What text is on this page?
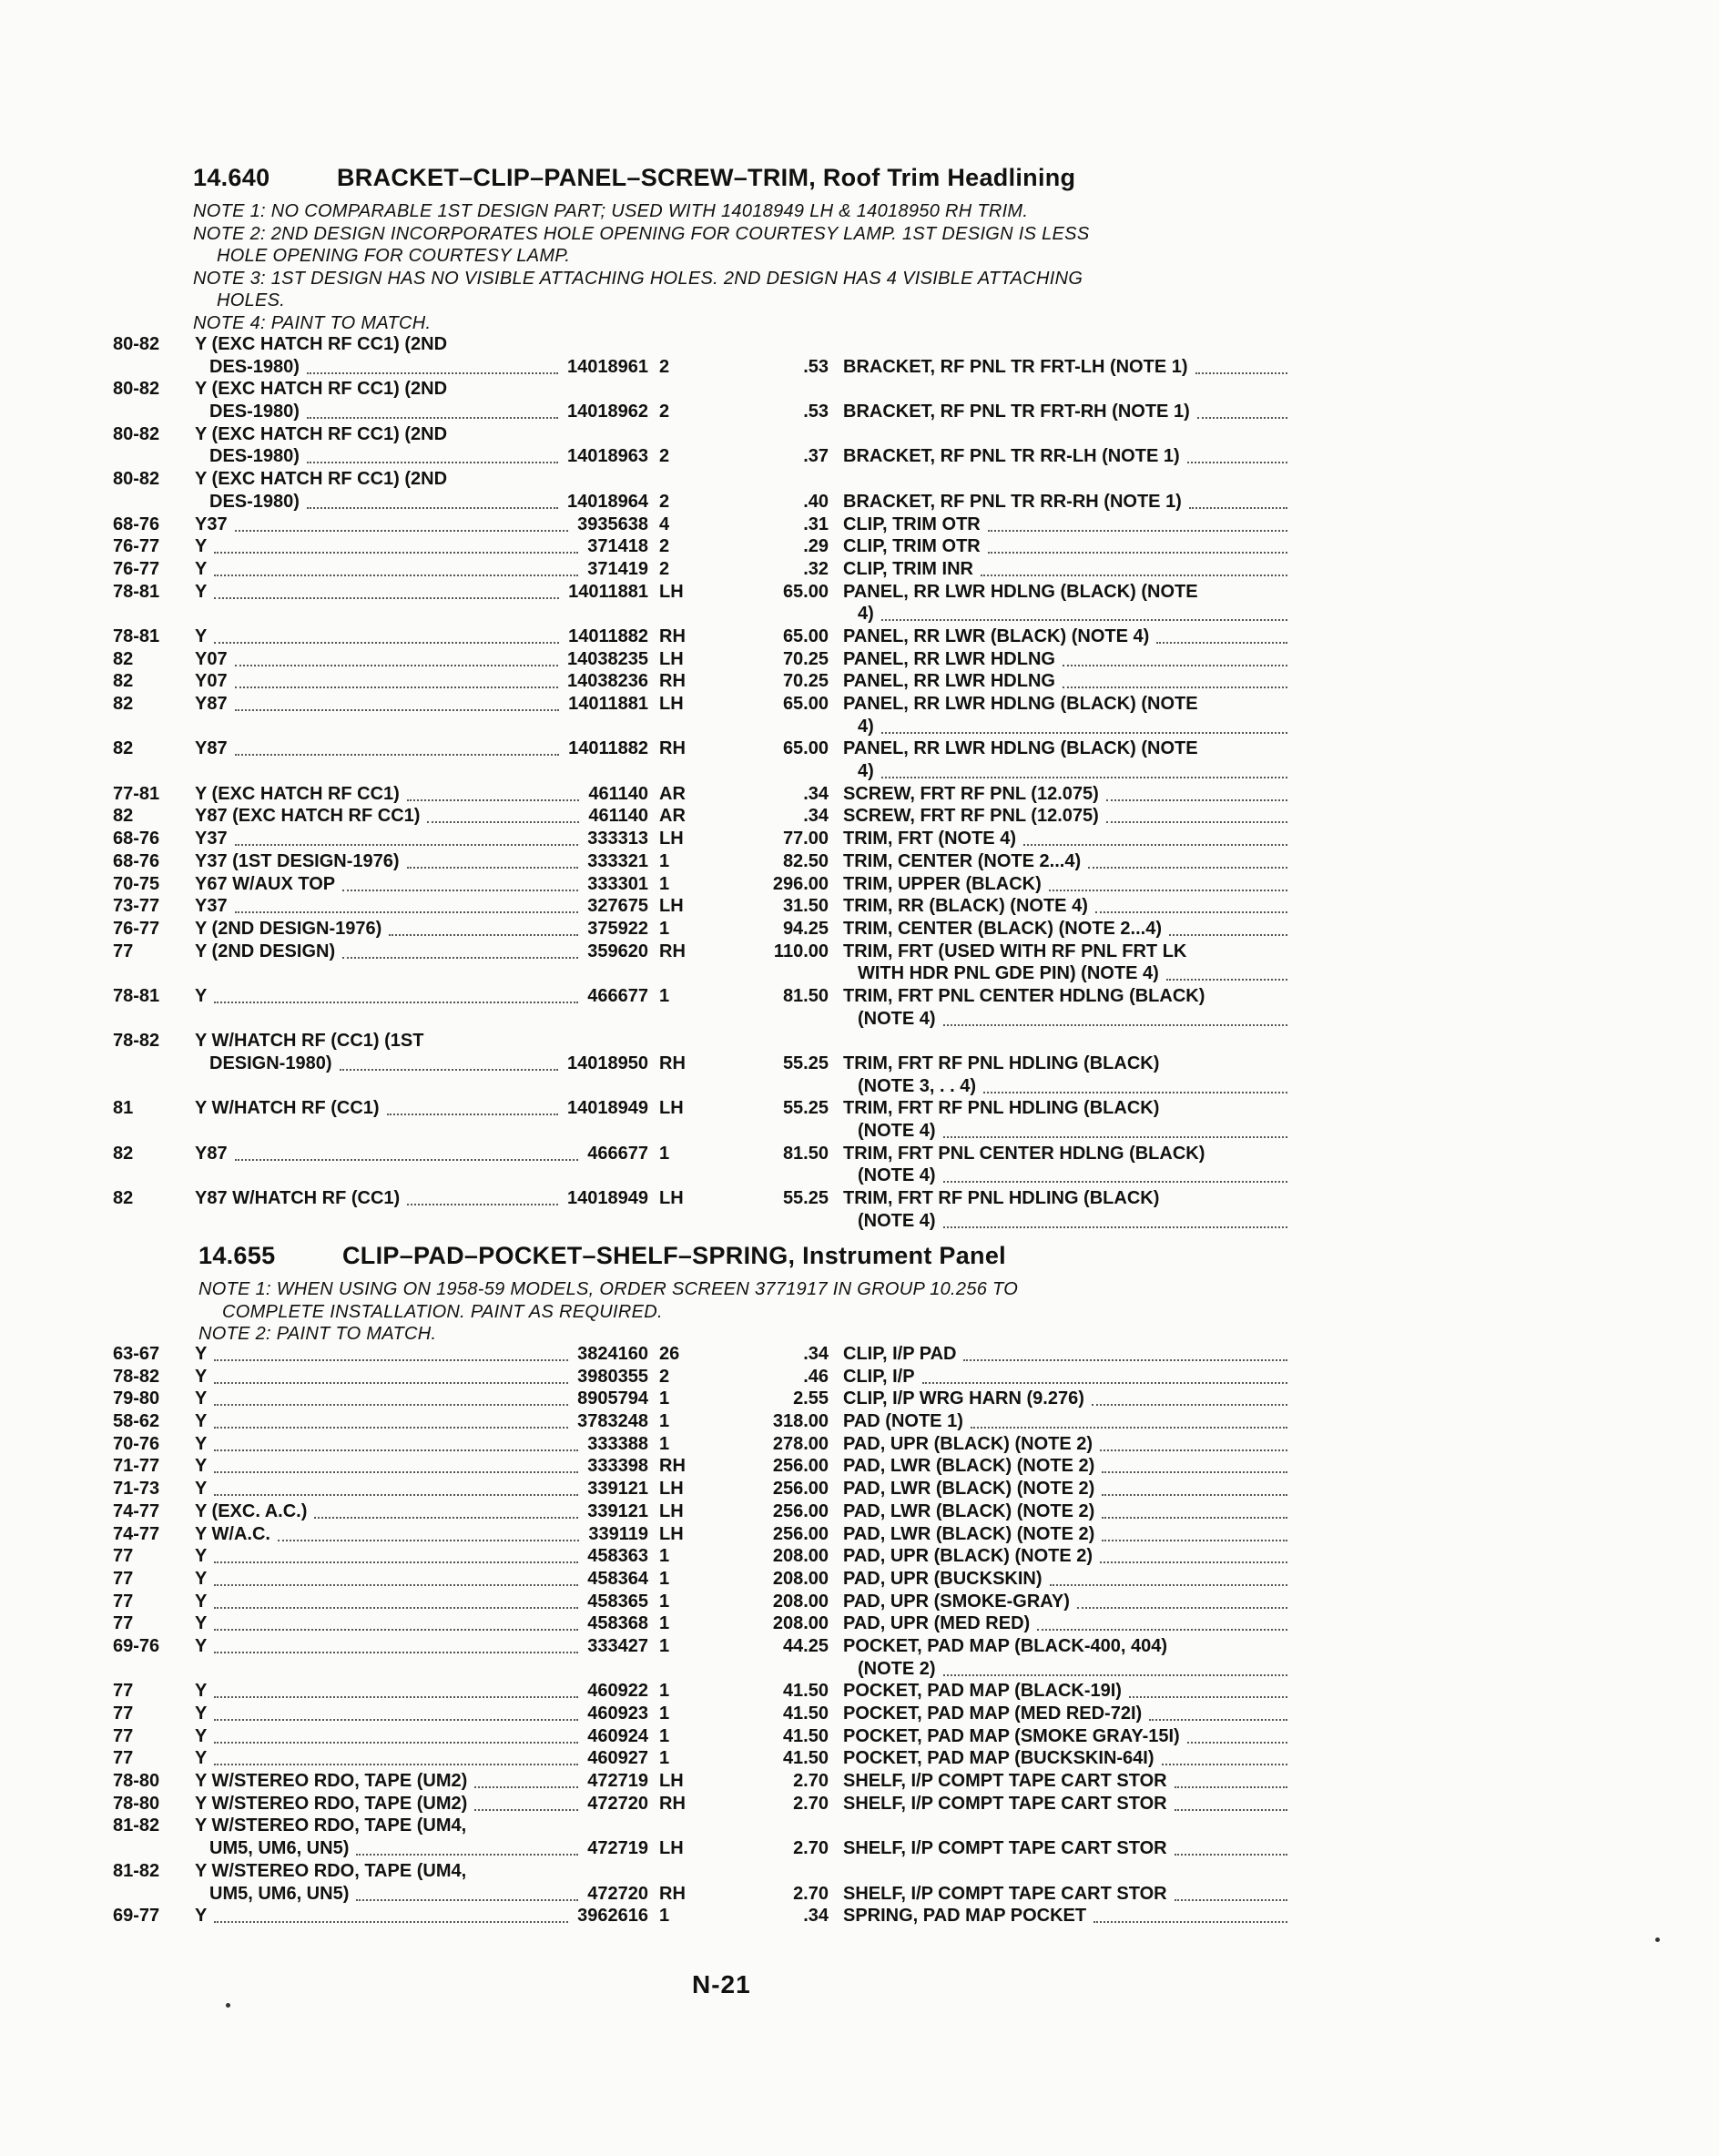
14.640	BRACKET–CLIP–PANEL–SCREW–TRIM, Roof Trim Headlining
NOTE 1: NO COMPARABLE 1ST DESIGN PART; USED WITH 14018949 LH & 14018950 RH TRIM.
NOTE 2: 2ND DESIGN INCORPORATES HOLE OPENING FOR COURTESY LAMP. 1ST DESIGN IS LESS
HOLE OPENING FOR COURTESY LAMP.
NOTE 3: 1ST DESIGN HAS NO VISIBLE ATTACHING HOLES. 2ND DESIGN HAS 4 VISIBLE ATTACHING
HOLES.
NOTE 4: PAINT TO MATCH.
80-82	Y (EXC HATCH RF CC1) (2ND
DES-1980)	14018961 2	.53 BRACKET, RF PNL TR FRT-LH (NOTE 1)
80-82	Y (EXC HATCH RF CC1) (2ND
DES-1980)	14018962 2	.53 BRACKET, RF PNL TR FRT-RH (NOTE 1)
80-82	Y (EXC HATCH RF CC1) (2ND
DES-1980)	14018963 2	.37 BRACKET, RF PNL TR RR-LH (NOTE 1)
80-82	Y (EXC HATCH RF CC1) (2ND
DES-1980)	14018964 2	.40 BRACKET, RF PNL TR RR-RH (NOTE 1)
68-76	Y37	3935638 4	.31 CLIP, TRIM OTR
76-77	Y	371418 2	.29 CLIP, TRIM OTR
76-77	Y	371419 2	.32 CLIP, TRIM INR
78-81	Y	14011881 LH	65.00 PANEL, RR LWR HDLNG (BLACK) (NOTE
4)
78-81	Y	14011882 RH	65.00 PANEL, RR LWR (BLACK) (NOTE 4)
82	Y07	14038235 LH	70.25 PANEL, RR LWR HDLNG
82	Y07	14038236 RH	70.25 PANEL, RR LWR HDLNG
82	Y87	14011881 LH	65.00 PANEL, RR LWR HDLNG (BLACK) (NOTE
4)
82	Y87	14011882 RH	65.00 PANEL, RR LWR HDLNG (BLACK) (NOTE
4)
77-81	Y (EXC HATCH RF CC1)	461140 AR	.34 SCREW, FRT RF PNL (12.075)
82	Y87 (EXC HATCH RF CC1)	461140 AR	.34 SCREW, FRT RF PNL (12.075)
68-76	Y37	333313 LH	77.00 TRIM, FRT (NOTE 4)
68-76	Y37 (1ST DESIGN-1976)	333321 1	82.50 TRIM, CENTER (NOTE 2...4)
70-75	Y67 W/AUX TOP	333301 1	296.00 TRIM, UPPER (BLACK)
73-77	Y37	327675 LH	31.50 TRIM, RR (BLACK) (NOTE 4)
76-77	Y (2ND DESIGN-1976)	375922 1	94.25 TRIM, CENTER (BLACK) (NOTE 2...4)
77	Y (2ND DESIGN)	359620 RH	110.00 TRIM, FRT (USED WITH RF PNL FRT LK
WITH HDR PNL GDE PIN) (NOTE 4)
78-81	Y	466677 1	81.50 TRIM, FRT PNL CENTER HDLNG (BLACK)
(NOTE 4)
78-82	Y W/HATCH RF (CC1) (1ST
DESIGN-1980)	14018950 RH	55.25 TRIM, FRT RF PNL HDLING (BLACK)
(NOTE 3, . . 4)
81	Y W/HATCH RF (CC1)	14018949 LH	55.25 TRIM, FRT RF PNL HDLING (BLACK)
(NOTE 4)
82	Y87	466677 1	81.50 TRIM, FRT PNL CENTER HDLNG (BLACK)
(NOTE 4)
82	Y87 W/HATCH RF (CC1)	14018949 LH	55.25 TRIM, FRT RF PNL HDLING (BLACK)
(NOTE 4)
14.655	CLIP–PAD–POCKET–SHELF–SPRING, Instrument Panel
NOTE 1: WHEN USING ON 1958-59 MODELS, ORDER SCREEN 3771917 IN GROUP 10.256 TO
COMPLETE INSTALLATION. PAINT AS REQUIRED.
NOTE 2: PAINT TO MATCH.
63-67	Y	3824160 26	.34 CLIP, I/P PAD
78-82	Y	3980355 2	.46 CLIP, I/P
79-80	Y	8905794 1	2.55 CLIP, I/P WRG HARN (9.276)
58-62	Y	3783248 1	318.00 PAD (NOTE 1)
70-76	Y	333388 1	278.00 PAD, UPR (BLACK) (NOTE 2)
71-77	Y	333398 RH	256.00 PAD, LWR (BLACK) (NOTE 2)
71-73	Y	339121 LH	256.00 PAD, LWR (BLACK) (NOTE 2)
74-77	Y (EXC. A.C.)	339121 LH	256.00 PAD, LWR (BLACK) (NOTE 2)
74-77	Y W/A.C.	339119 LH	256.00 PAD, LWR (BLACK) (NOTE 2)
77	Y	458363 1	208.00 PAD, UPR (BLACK) (NOTE 2)
77	Y	458364 1	208.00 PAD, UPR (BUCKSKIN)
77	Y	458365 1	208.00 PAD, UPR (SMOKE-GRAY)
77	Y	458368 1	208.00 PAD, UPR (MED RED)
69-76	Y	333427 1	44.25 POCKET, PAD MAP (BLACK-400, 404)
(NOTE 2)
77	Y	460922 1	41.50 POCKET, PAD MAP (BLACK-19I)
77	Y	460923 1	41.50 POCKET, PAD MAP (MED RED-72I)
77	Y	460924 1	41.50 POCKET, PAD MAP (SMOKE GRAY-15I)
77	Y	460927 1	41.50 POCKET, PAD MAP (BUCKSKIN-64I)
78-80	Y W/STEREO RDO, TAPE (UM2)	472719 LH	2.70 SHELF, I/P COMPT TAPE CART STOR
78-80	Y W/STEREO RDO, TAPE (UM2)	472720 RH	2.70 SHELF, I/P COMPT TAPE CART STOR
81-82	Y W/STEREO RDO, TAPE (UM4,
UM5, UM6, UN5)	472719 LH	2.70 SHELF, I/P COMPT TAPE CART STOR
81-82	Y W/STEREO RDO, TAPE (UM4,
UM5, UM6, UN5)	472720 RH	2.70 SHELF, I/P COMPT TAPE CART STOR
69-77	Y	3962616 1	.34 SPRING, PAD MAP POCKET
N-21
